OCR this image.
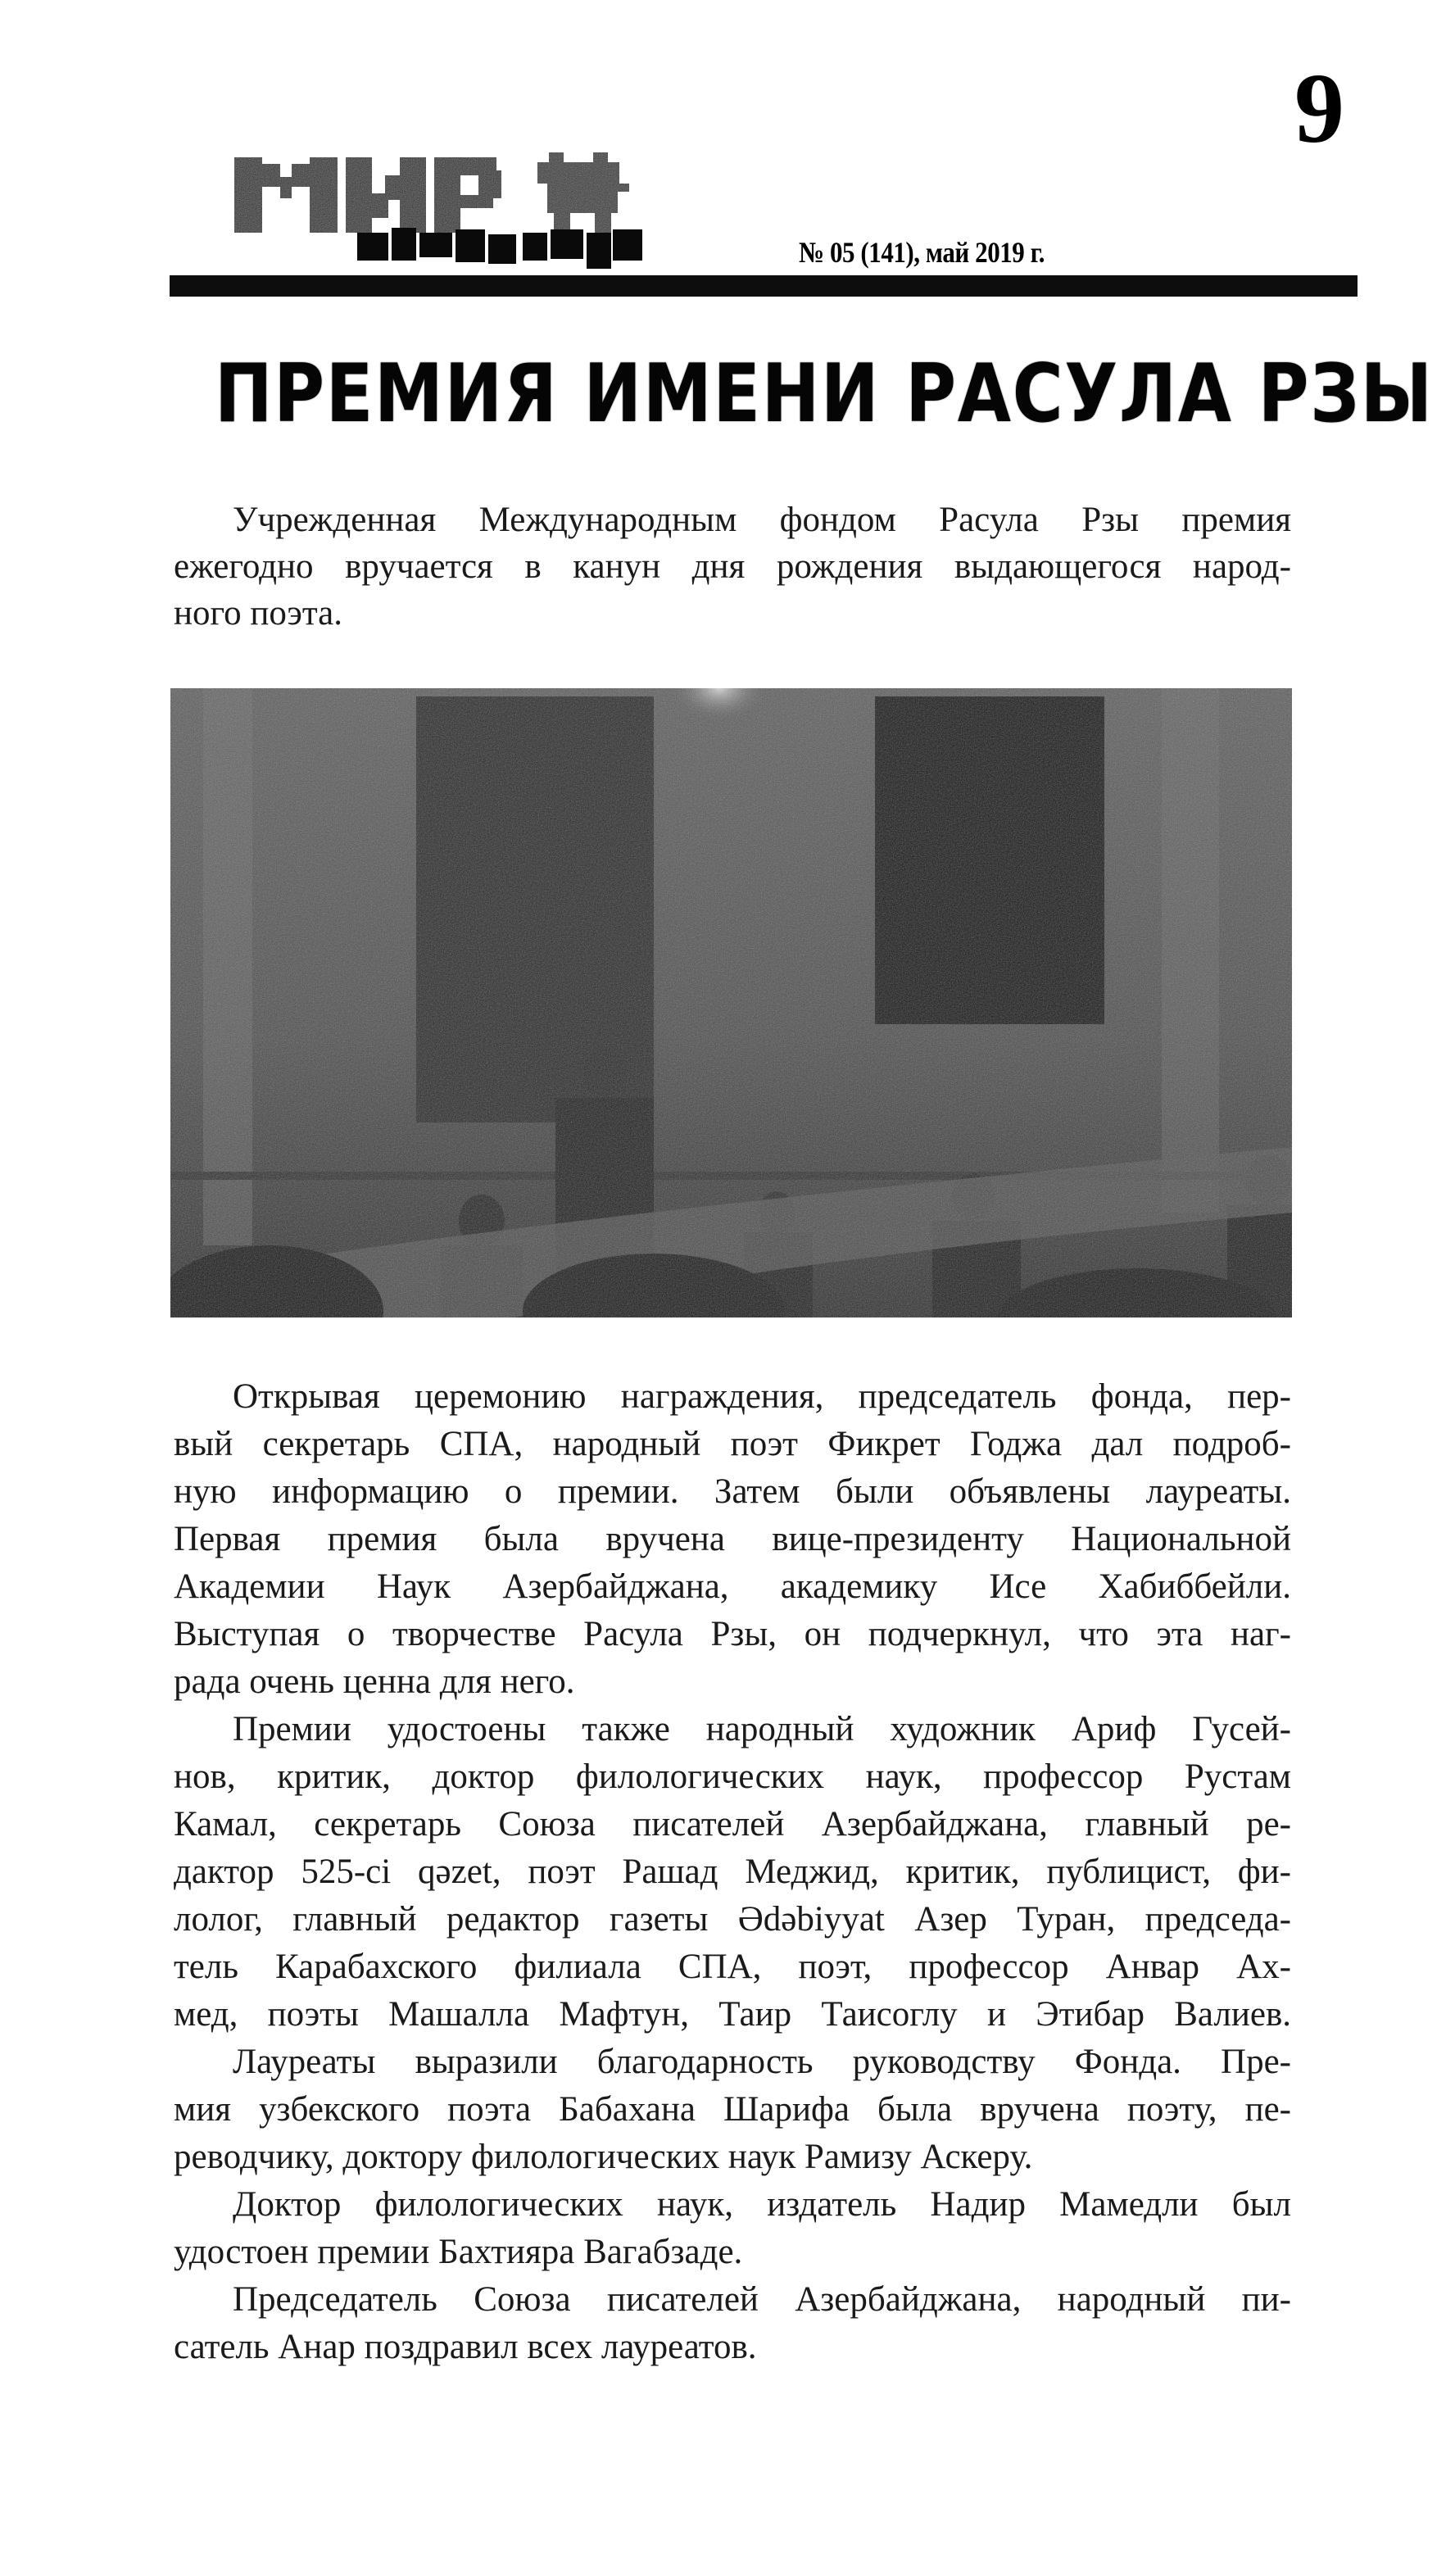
9
№ 05 (141), май 2019 г.
ПРЕМИЯ ИМЕНИ РАСУЛА РЗЫ
Учрежденная Международным фондом Расула Рзы премия
ежегодно вручается в канун дня рождения выдающегося народ-
ного поэта.
Открывая церемонию награждения, председатель фонда, пер-
вый секретарь СПА, народный поэт Фикрет Годжа дал подроб-
ную информацию о премии. Затем были объявлены лауреаты.
Первая премия была вручена вице-президенту Национальной
Академии Наук Азербайджана, академику Исе Хабиббейли.
Выступая о творчестве Расула Рзы, он подчеркнул, что эта наг-
рада очень ценна для него.
Премии удостоены также народный художник Ариф Гусей-
нов, критик, доктор филологических наук, профессор Рустам
Камал, секретарь Союза писателей Азербайджана, главный ре-
дактор 525-ci qəzet, поэт Рашад Меджид, критик, публицист, фи-
лолог, главный редактор газеты Ədəbiyyat Азер Туран, председа-
тель Карабахского филиала СПА, поэт, профессор Анвар Ах-
мед, поэты Машалла Мафтун, Таир Таисоглу и Этибар Валиев.
Лауреаты выразили благодарность руководству Фонда. Пре-
мия узбекского поэта Бабахана Шарифа была вручена поэту, пе-
реводчику, доктору филологических наук Рамизу Аскеру.
Доктор филологических наук, издатель Надир Мамедли был
удостоен премии Бахтияра Вагабзаде.
Председатель Союза писателей Азербайджана, народный пи-
сатель Анар поздравил всех лауреатов.
